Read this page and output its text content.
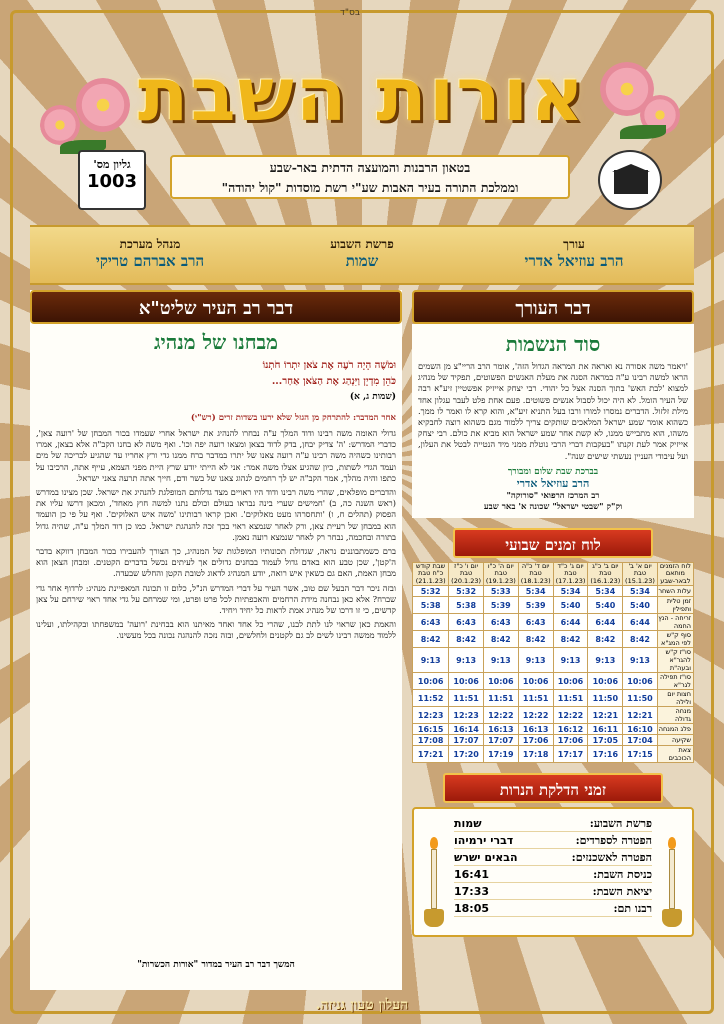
בס"ד
אורות השבת
בטאון הרבנות והמועצה הדתית באר-שבע
וממלכת התורה בעיר האבות שע"י רשת מוסדות "קול יהודה"
גליון מס'
1003
עורך
הרב עוזיאל אדרי
פרשת השבוע
שמות
מנהל מערכת
הרב אברהם טריקי
דבר העורך
סוד הנשמות

'ויאמר משה אסורה נא ואראה את המראה הגדול הזה', אומר הרב הריי"צ מן השמים הראו למשה רבינו ע"ה במראה הסנה את מעלת האנשים הפשוטים, תפקיד של מנהיג למצוא 'לבת האש' בתוך הסנה אצל כל יהודי. רבי יצחק אייזיק אפשטיין זיע"א רבה של העיר הומל. לא היה יכול לסבול אנשים פשוטים. פעם אחת פלט לעבר עגלון אחד מילת זלזול. הדברים נמסרו למורו ורבו בעל התניא זיע"א, והוא קרא לו ואמר לו ממך. כשהוא אומר שמע ישראל המלאכים שותקים צריך ללמוד מגם כשהוא רוצה לחבקיא משהו, הוא מתבייש ממנו, לא קשת אחר שמע ישראל הוא מביא את כולם. רבי יצחק אייזיק אמר לעת זקנתו "בעקבות דברי הרבי נוטלת ממני מיד הנטייה לבטל את העלון, ועל עיבודי העניין נעשתי שישים שנה".

בברכת שבת שלום ומבורך
הרב עוזיאל אדרי
רב המרכז הרפואי "סורוקה"
וק"ק "שבטי ישראל" שכונה א' באר שבע
לוח זמנים שבועי
לוח הזמנים מותאם לבאר-שבע	יום א' ב' טבת (15.1.23)	יום ב' כ"ג טבת (16.1.23)	יום ג' כ"ד טבת (17.1.23)	יום ד' כ"ה טבת (18.1.23)	יום ה' כ"ו טבת (19.1.23)	יום ו' כ"ז טבת (20.1.23)	שבת קודש כ"ח טבת (21.1.23)
עלות השחר	5:34	5:34	5:34	5:34	5:33	5:32	5:32
זמן טלית ותפילין	5:40	5:40	5:40	5:39	5:39	5:38	5:38
זריחה - הנץ החמה	6:44	6:44	6:44	6:43	6:43	6:43	6:43
סוף ק"ש לפי המג"א	8:42	8:42	8:42	8:42	8:42	8:42	8:42
סו"ז ק"ש להגר"א ובעה"ת	9:13	9:13	9:13	9:13	9:13	9:13	9:13
סו"ז תפילה לגר"א	10:06	10:06	10:06	10:06	10:06	10:06	10:06
חצות יום ולילה	11:50	11:50	11:51	11:51	11:51	11:51	11:52
מנחה גדולה	12:21	12:21	12:22	12:22	12:22	12:23	12:23
פלג המנחה	16:10	16:11	16:12	16:13	16:13	16:14	16:15
שקיעה	17:04	17:05	17:06	17:06	17:07	17:07	17:08
צאת הכוכבים	17:15	17:16	17:17	17:18	17:19	17:20	17:21
זמני הדלקת הנרות
פרשת השבוע:
שמות
הפטרה לספרדים:
דברי ירמיהו
הפטרה לאשכנזים:
הבאים ישרש
כניסת השבת:
16:41
יציאת השבת:
17:33
רבנו תם:
18:05
דבר רב העיר שליט"א
מבחנו של מנהיג
וּמֹשֶׁה הָיָה רֹעֶה אֶת צֹאן יִתְרוֹ חֹתְנוֹ
כֹּהֵן מִדְיָן וַיִּנְהַג אֶת הַצֹּאן אַחַר...
(שמות ג, א)
אחר המדבר: להתרחק מן הגזל שלא ירעו בשדות זרים (רש"י)

גדולי האומה משה רבינו ודוד המלך ע"ה נבחרו להנהיג את ישראל אחרי שעמדו בכור המבחן של 'רועה צאן', כדברי המדרש: 'ה' צדיק יבחן, בדק לדוד בצאן ומצאו רועה יפה וכו'. ואף משה לא בחנו הקב"ה אלא בצאן, אמרו רבותינו כשהיה משה רבינו ע"ה רועה צאנו של יתרו במדבר ברח ממנו גדי ורץ אחריו עד שהגיע לבריכה של מים ועמד הגדי לשתות, כיון שהגיע אצלו משה אמר: אני לא הייתי יודע שרץ היית מפני הצמא, עייף אתה, הרכיבו על כתפו והיה מהלך, אמר הקב"ה יש לך רחמים לנהוג צאנו של בשר ודם, חייך אתה תרעה צאני ישראל.

והדברים מופלאים, שהרי משה רבינו ודוד היו ראויים מצד גדלותם המופלגת להנהיג את ישראל. שכן מצינו במדרש (ראש השנה כה, ב) 'חמישים שערי בינה נבראו בעולם וכולם נתנו למשה חוץ מאחד', ומכאן דרשו עליו את הפסוק (תהלים ח, ו) 'ותחסרהו מעט מאלוקים'. ואכן קראו רבותינו 'משה איש האלוקים'. ואף על פי כן הועמד הוא במבחן של רעיית צאן, ורק לאחר שנמצא ראוי בכך זכה להנהגת ישראל. כמו כן דוד המלך ע"ה, שהיה גדול בתורה ובחכמה, נבחר רק לאחר שנמצא רועה נאמן.

ברם כשמתבוננים נראה, שגדולת תכונותיו המופלגות של המנהיג, כך הצורך להעבירו בכור המבחן דווקא בדבר ה'קטן', שכן טבע הוא באדם גדול לעמוד בבחנים גדולים אך לעיתים נכשל בדברים הקטנים. ומבחן הצאן הוא מבחן האמת, האם גם כשאין איש רואה, יודע המנהיג לדאוג לטובת הקטן והחלש שבעדה.

ובזה ניכר דבר הבעל שם טוב, אשר העיר על דברי המדרש הנ"ל, כלום זו תכונה המאפיינת מנהיג: לרדוף אחר גדי שברח? אלא כאן נבחנה מידת הרחמים והאכפתיות לכל פרט ופרט, ומי שמרחם על גדי אחד ראוי שירחם על צאן קדשים, כי זו דרכו של מנהיג אמת לראות כל יחיד ויחיד.

והאמת כאן שראוי לנו לתת לבנו, שהרי כל אחד ואחד מאיתנו הוא בבחינת 'רועה' במשפחתו ובקהילתו, ועלינו ללמוד ממשה רבינו לשים לב גם לקטנים ולחלשים, ובזה נזכה להנהגה נכונה בכל מעשינו.

המשך דבר רב העיר במדור "אורות הכשרות"
העלון טעון גניזה.
